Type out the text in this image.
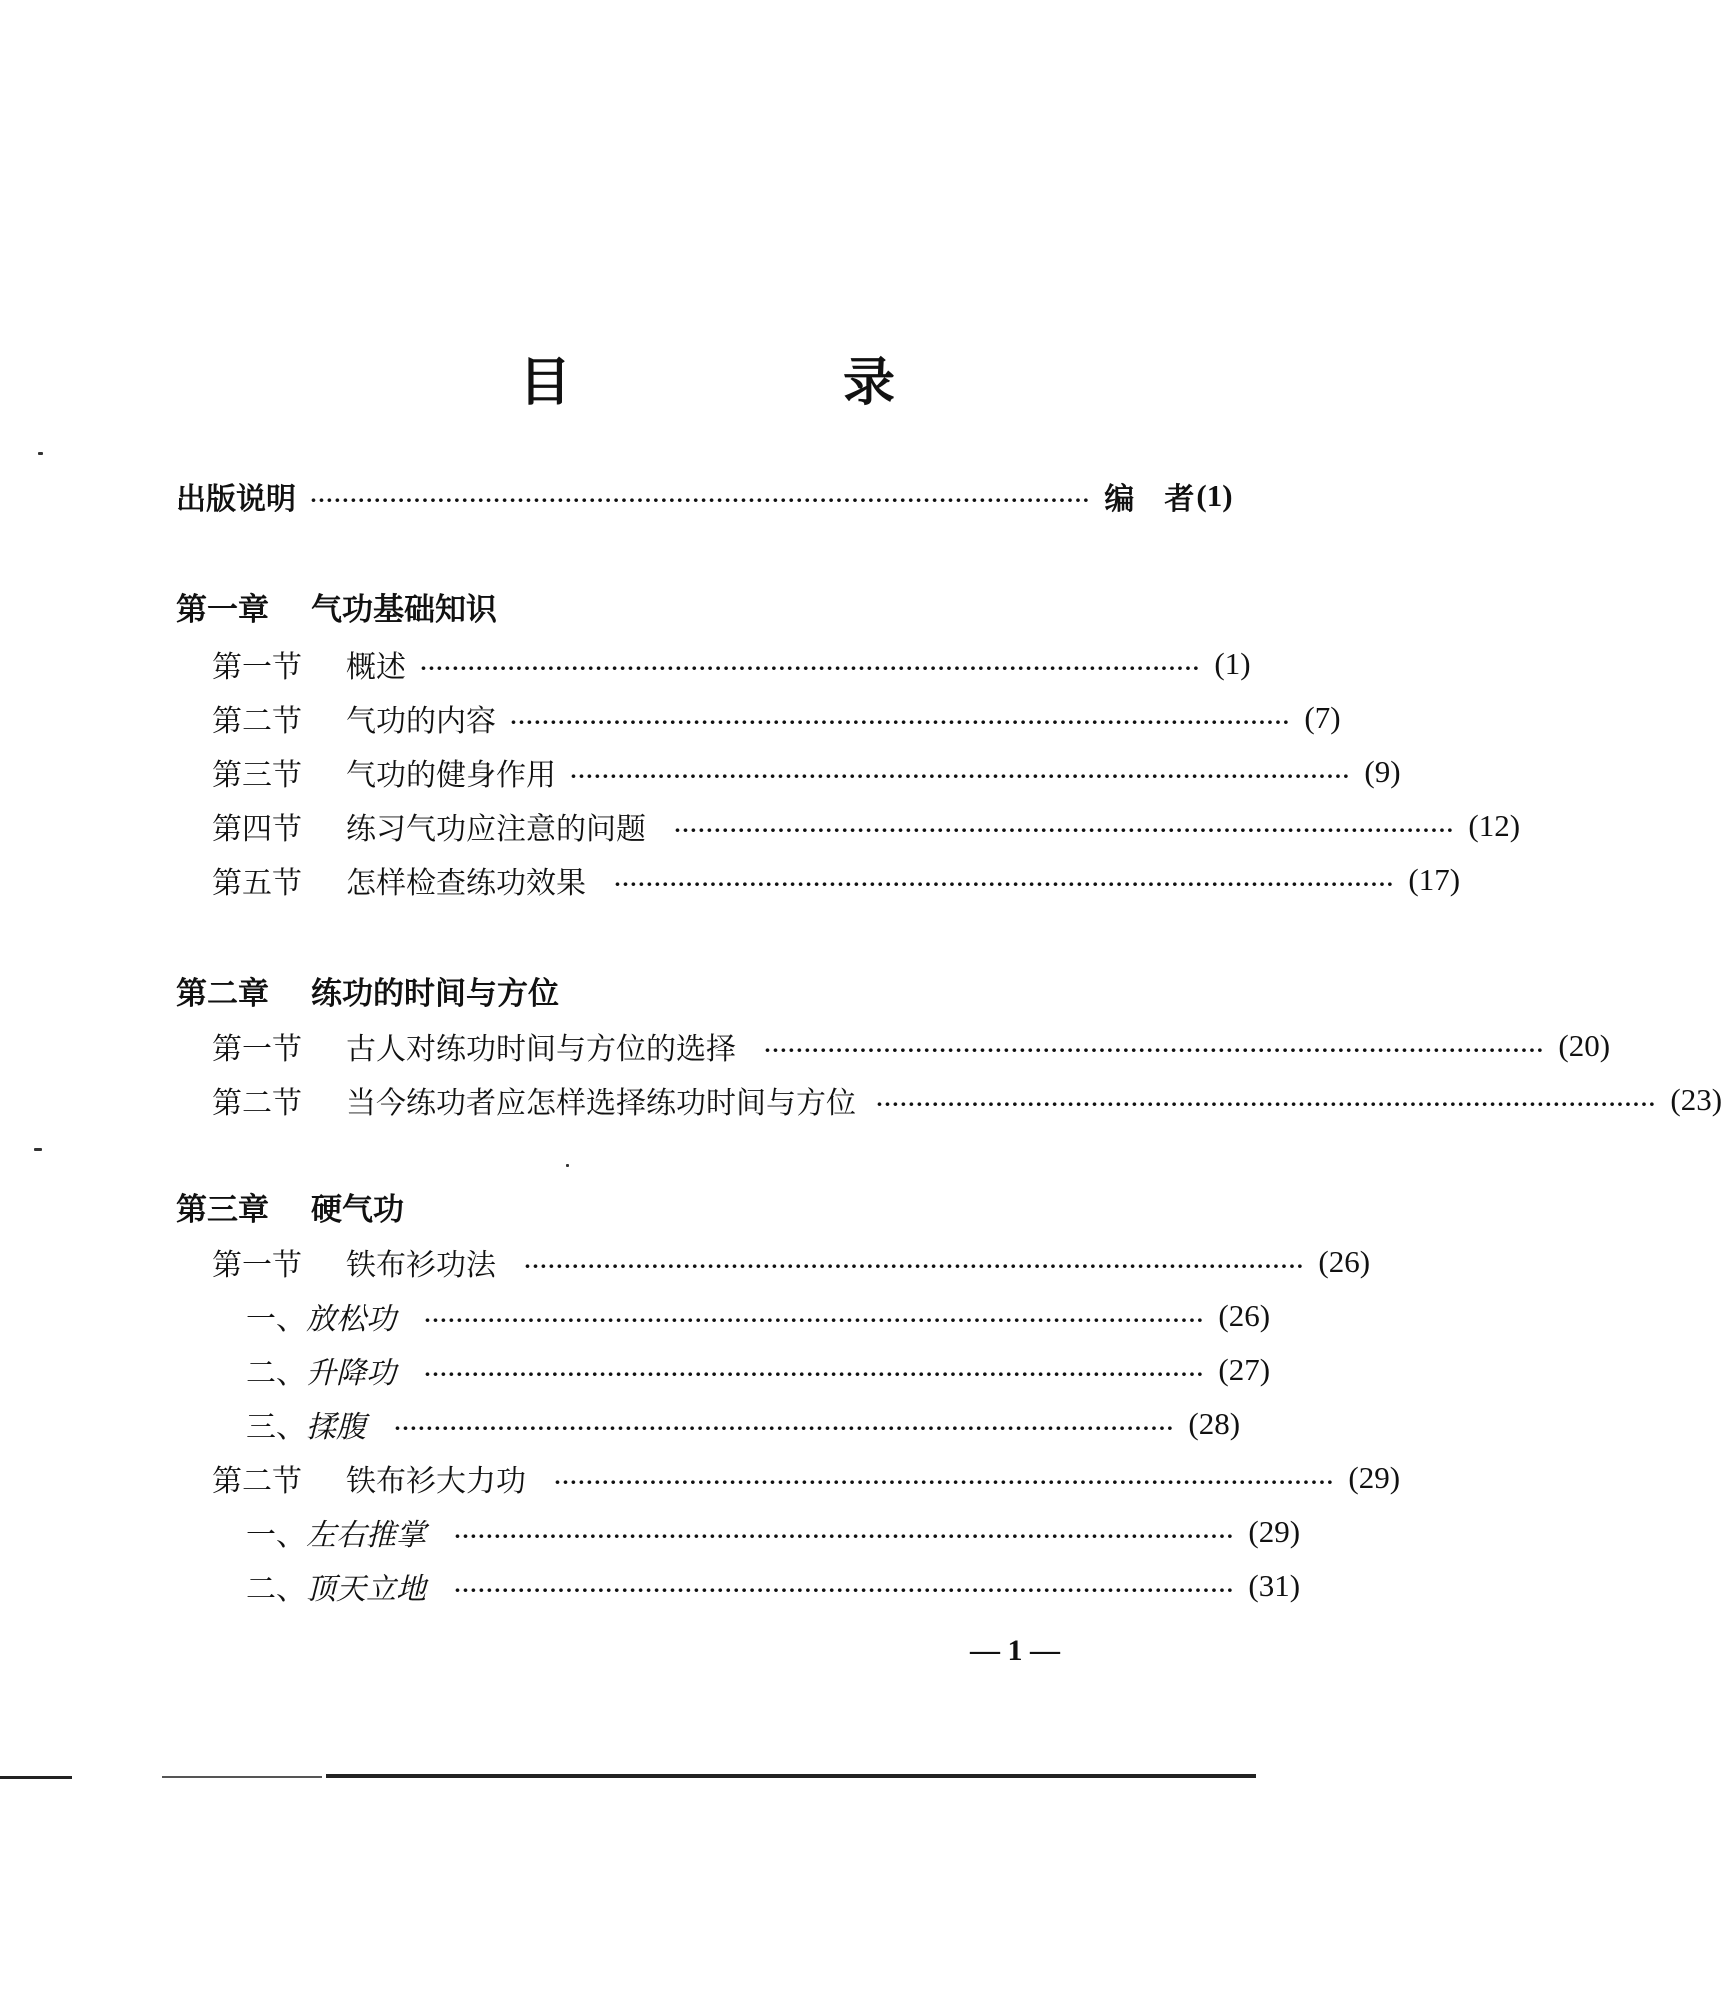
目　录
出版说明 ·································································································· 编　者 (1)
第一章 气功基础知识
第一节 概述 ·································································································· (1)
第二节 气功的内容 ·································································································· (7)
第三节 气功的健身作用 ·································································································· (9)
第四节 练习气功应注意的问题 ·································································································· (12)
第五节 怎样检查练功效果 ·································································································· (17)
第二章 练功的时间与方位
第一节 古人对练功时间与方位的选择 ·································································································· (20)
第二节 当今练功者应怎样选择练功时间与方位 ·································································································· (23)
第三章 硬气功
第一节 铁布衫功法 ·································································································· (26)
一、 放松功 ·································································································· (26)
二、 升降功 ·································································································· (27)
三、 揉腹 ·································································································· (28)
第二节 铁布衫大力功 ·································································································· (29)
一、 左右推掌 ·································································································· (29)
二、 顶天立地 ·································································································· (31)
— 1 —
